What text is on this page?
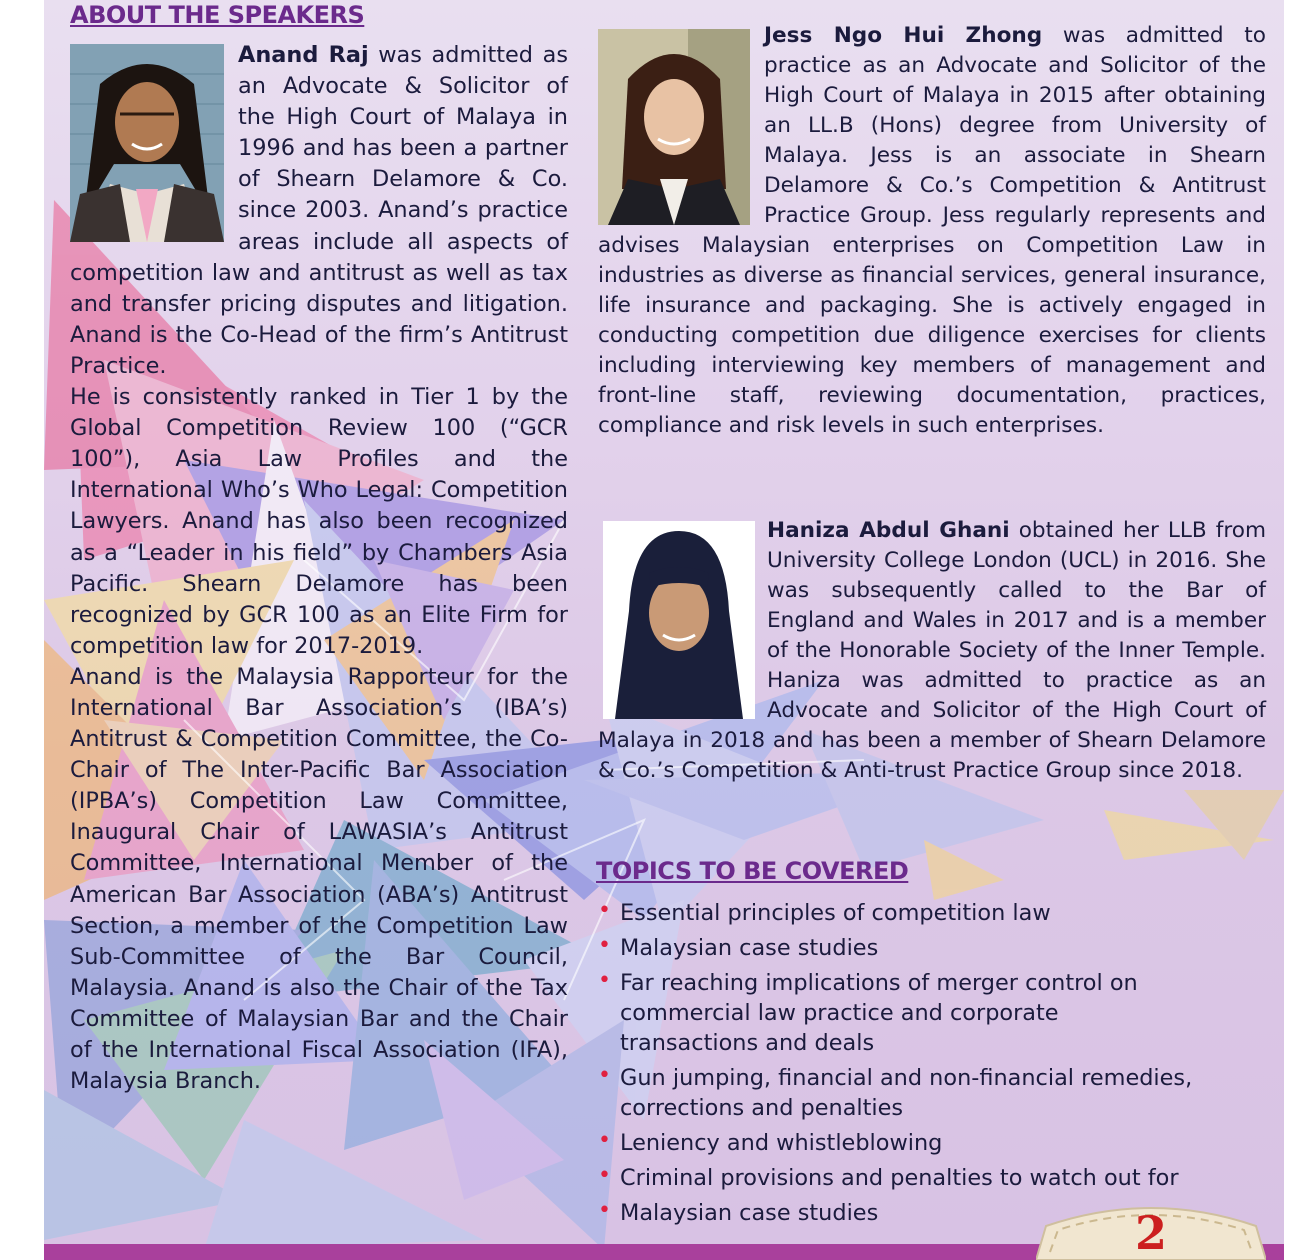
ABOUT THE SPEAKERS

Anand Raj was admitted as an Advocate & Solicitor of the High Court of Malaya in 1996 and has been a partner of Shearn Delamore & Co. since 2003. Anand’s practice areas include all aspects of competition law and antitrust as well as tax and transfer pricing disputes and litigation. Anand is the Co-Head of the firm’s Antitrust Practice.

He is consistently ranked in Tier 1 by the Global Competition Review 100 (“GCR 100”), Asia Law Profiles and the International Who’s Who Legal: Competition Lawyers. Anand has also been recognized as a “Leader in his field” by Chambers Asia Pacific. Shearn Delamore has been recognized by GCR 100 as an Elite Firm for competition law for 2017-2019.

Anand is the Malaysia Rapporteur for the International Bar Association’s (IBA’s) Antitrust & Competition Committee, the Co-Chair of The Inter-Pacific Bar Association (IPBA’s) Competition Law Committee, Inaugural Chair of LAWASIA’s Antitrust Committee, International Member of the American Bar Association (ABA’s) Antitrust Section, a member of the Competition Law Sub-Committee of the Bar Council, Malaysia. Anand is also the Chair of the Tax Committee of Malaysian Bar and the Chair of the International Fiscal Association (IFA), Malaysia Branch.

Jess Ngo Hui Zhong was admitted to practice as an Advocate and Solicitor of the High Court of Malaya in 2015 after obtaining an LL.B (Hons) degree from University of Malaya. Jess is an associate in Shearn Delamore & Co.’s Competition & Antitrust Practice Group. Jess regularly represents and advises Malaysian enterprises on Competition Law in industries as diverse as financial services, general insurance, life insurance and packaging. She is actively engaged in conducting competition due diligence exercises for clients including interviewing key members of management and front-line staff, reviewing documentation, practices, compliance and risk levels in such enterprises.

Haniza Abdul Ghani obtained her LLB from University College London (UCL) in 2016. She was subsequently called to the Bar of England and Wales in 2017 and is a member of the Honorable Society of the Inner Temple. Haniza was admitted to practice as an Advocate and Solicitor of the High Court of Malaya in 2018 and has been a member of Shearn Delamore & Co.’s Competition & Anti-trust Practice Group since 2018.

TOPICS TO BE COVERED
• Essential principles of competition law
• Malaysian case studies
• Far reaching implications of merger control on commercial law practice and corporate transactions and deals
• Gun jumping, financial and non-financial remedies, corrections and penalties
• Leniency and whistleblowing
• Criminal provisions and penalties to watch out for
• Malaysian case studies	2
